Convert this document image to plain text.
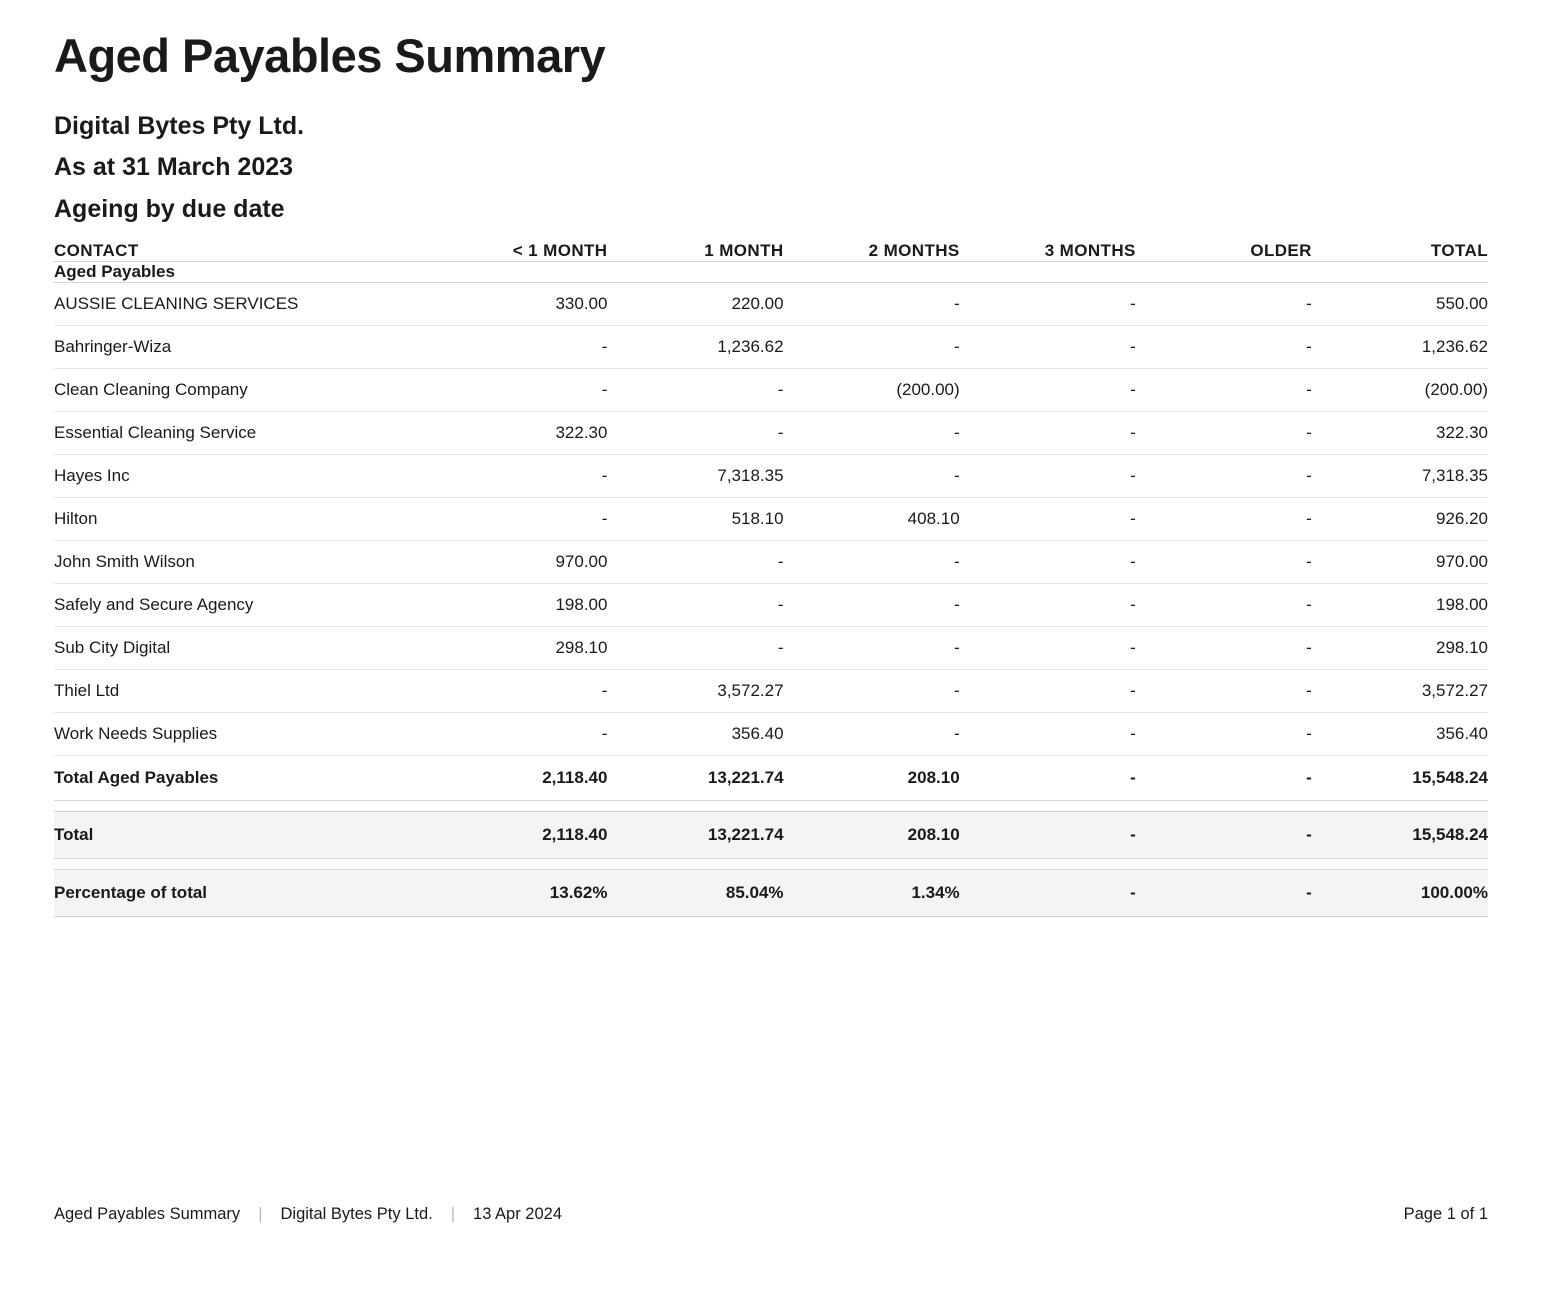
Aged Payables Summary
Digital Bytes Pty Ltd.
As at 31 March 2023
Ageing by due date
CONTACT	< 1 MONTH	1 MONTH	2 MONTHS	3 MONTHS	OLDER	TOTAL
Aged Payables						
AUSSIE CLEANING SERVICES	330.00	220.00	-	-	-	550.00
Bahringer-Wiza	-	1,236.62	-	-	-	1,236.62
Clean Cleaning Company	-	-	(200.00)	-	-	(200.00)
Essential Cleaning Service	322.30	-	-	-	-	322.30
Hayes Inc	-	7,318.35	-	-	-	7,318.35
Hilton	-	518.10	408.10	-	-	926.20
John Smith Wilson	970.00	-	-	-	-	970.00
Safely and Secure Agency	198.00	-	-	-	-	198.00
Sub City Digital	298.10	-	-	-	-	298.10
Thiel Ltd	-	3,572.27	-	-	-	3,572.27
Work Needs Supplies	-	356.40	-	-	-	356.40
Total Aged Payables	2,118.40	13,221.74	208.10	-	-	15,548.24

Total	2,118.40	13,221.74	208.10	-	-	15,548.24

Percentage of total	13.62%	85.04%	1.34%	-	-	100.00%
Aged Payables Summary	|	Digital Bytes Pty Ltd.	|	13 Apr 2024	Page 1 of 1
